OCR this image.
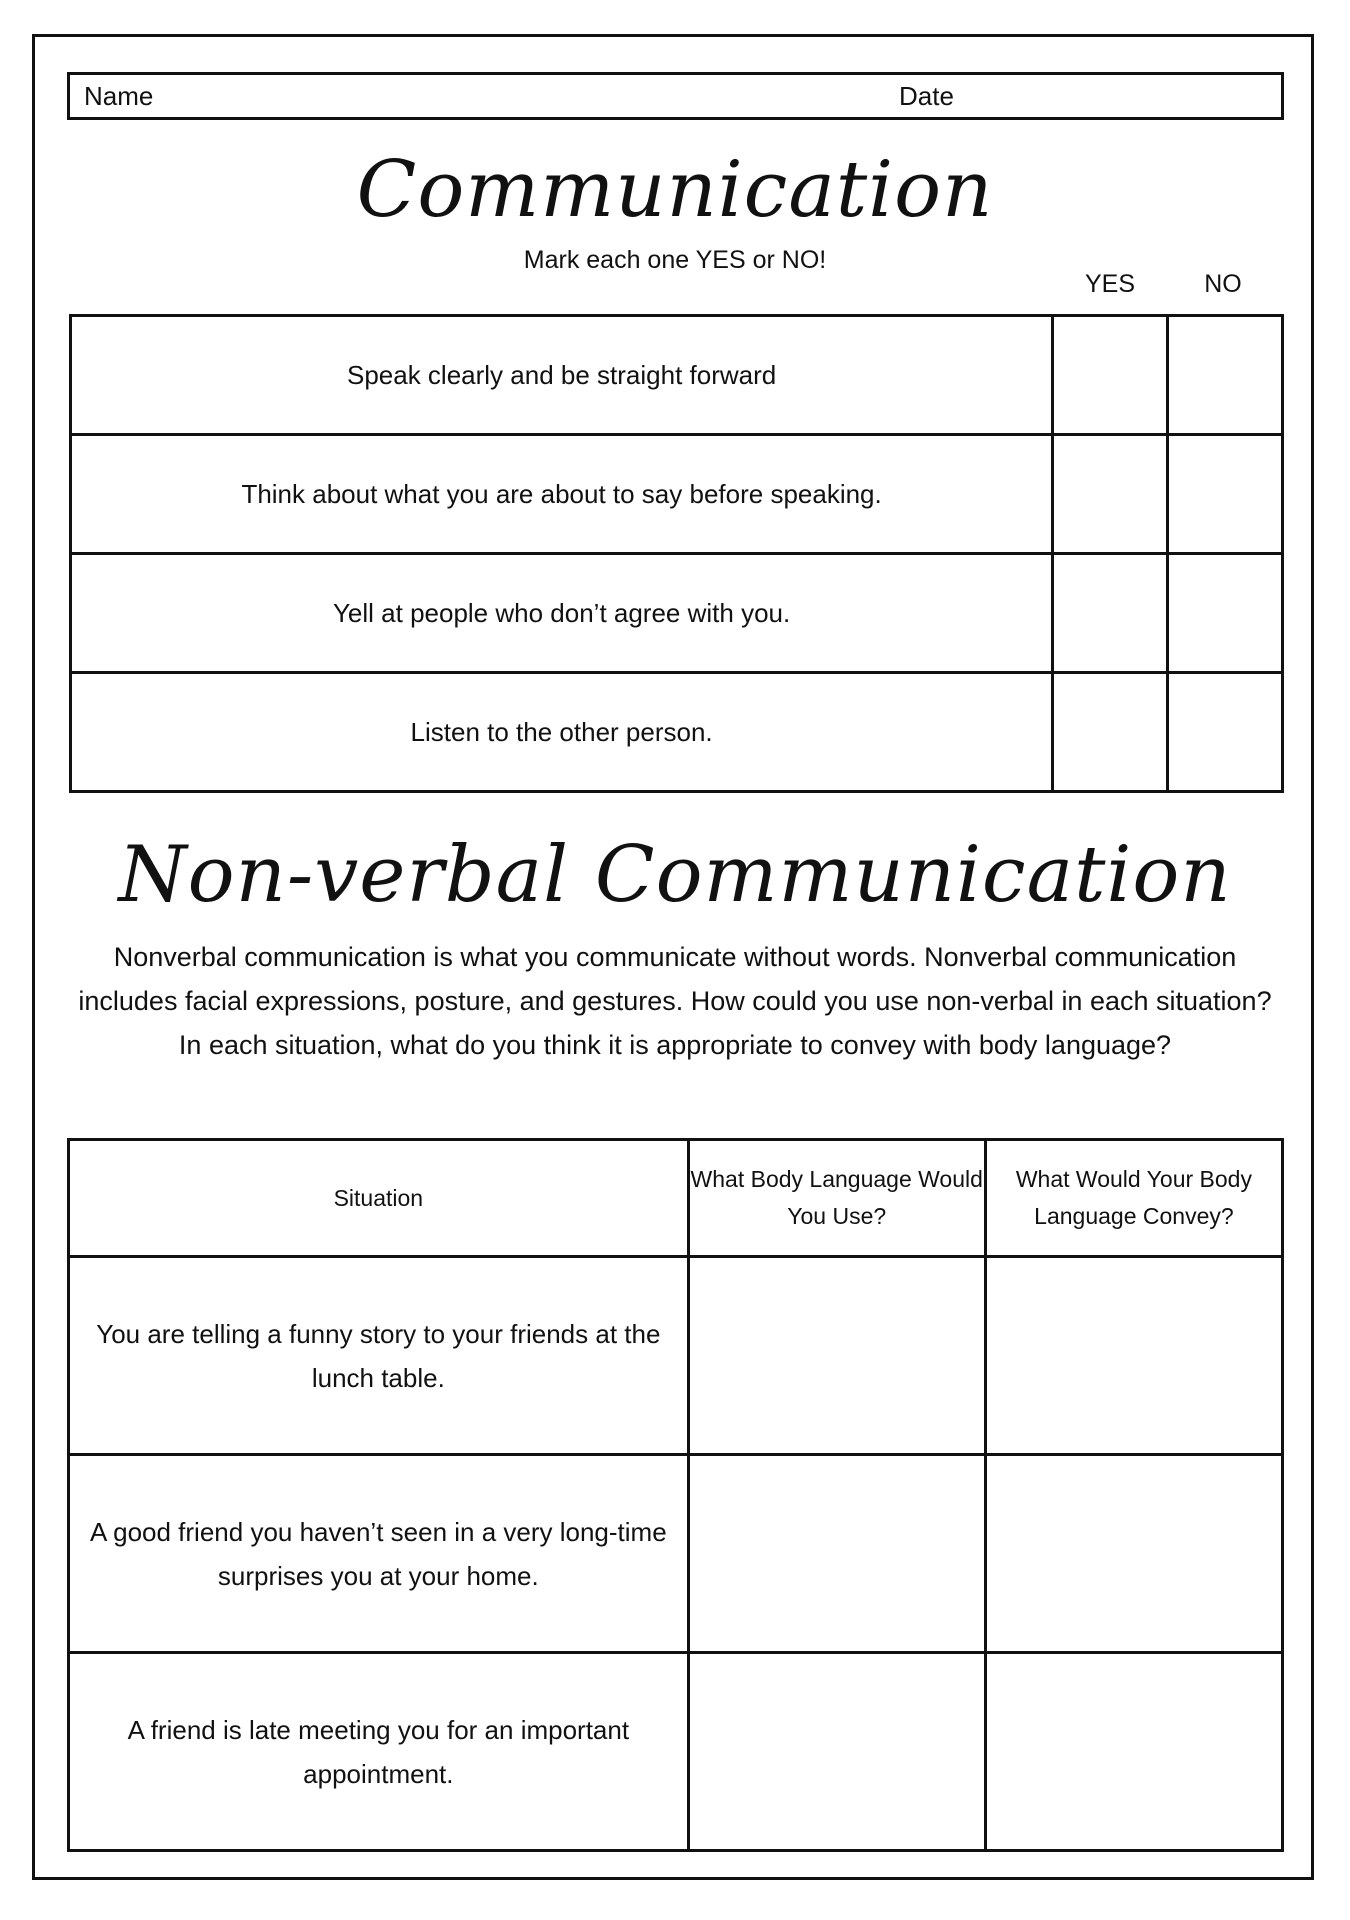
Name	Date
Communication
Mark each one YES or NO!
YES	NO
Speak clearly and be straight forward		
Think about what you are about to say before speaking.		
Yell at people who don’t agree with you.		
Listen to the other person.		
Non-verbal Communication
Nonverbal communication is what you communicate without words. Nonverbal communication includes facial expressions, posture, and gestures. How could you use non-verbal in each situation? In each situation, what do you think it is appropriate to convey with body language?
Situation	What Body Language Would You Use?	What Would Your Body Language Convey?
You are telling a funny story to your friends at the lunch table.		
A good friend you haven’t seen in a very long-time surprises you at your home.		
A friend is late meeting you for an important appointment.		
